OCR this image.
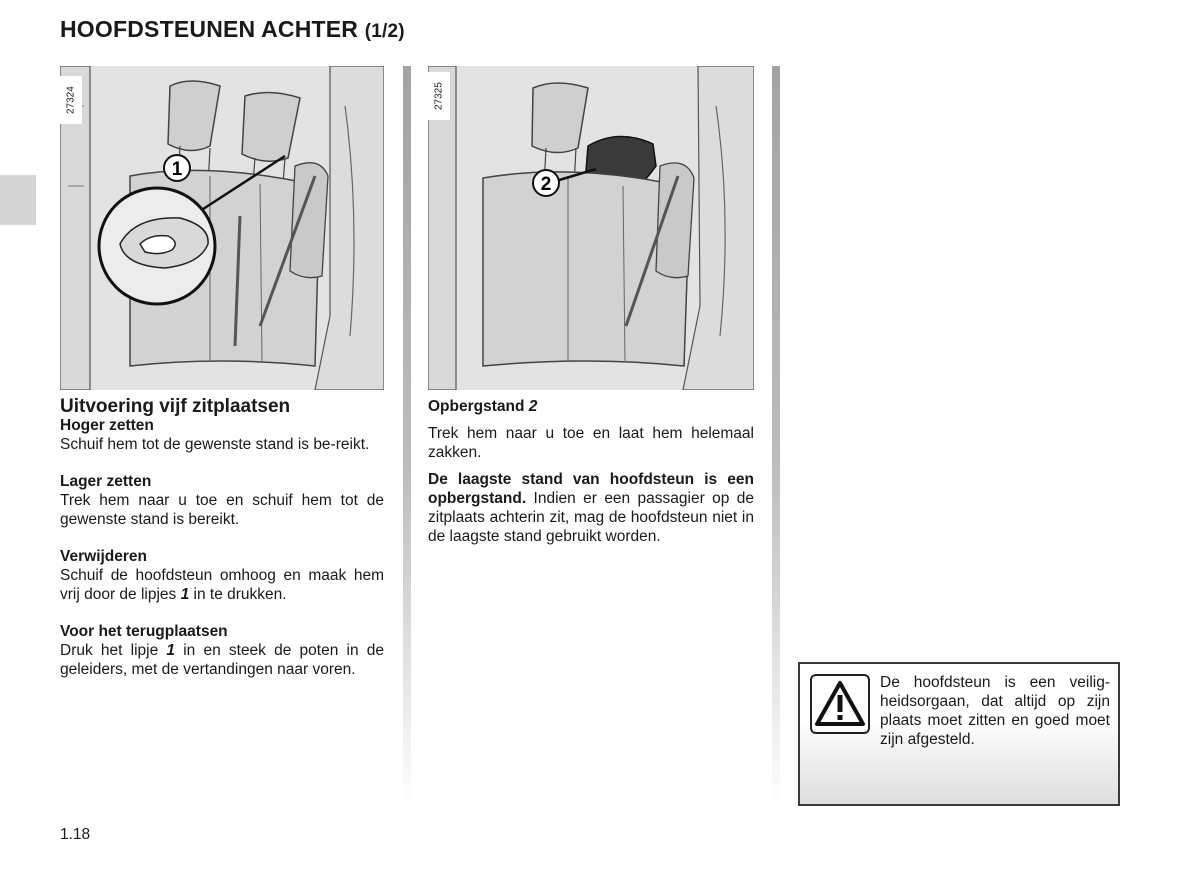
HOOFDSTEUNEN ACHTER (1/2)
1
27324
2
27325

Uitvoering vijf zitplaatsen

Hoger zetten

Schuif hem tot de gewenste stand is be-reikt.

Lager zetten

Trek hem naar u toe en schuif hem tot de gewenste stand is bereikt.

Verwijderen

Schuif de hoofdsteun omhoog en maak hem vrij door de lipjes 1 in te drukken.

Voor het terugplaatsen

Druk het lipje 1 in en steek de poten in de geleiders, met de vertandingen naar voren.

Opbergstand 2

Trek hem naar u toe en laat hem helemaal zakken.

De laagste stand van hoofdsteun is een opbergstand. Indien er een passagier op de zitplaats achterin zit, mag de hoofdsteun niet in de laagste stand gebruikt worden.

De hoofdsteun is een veilig-heidsorgaan, dat altijd op zijn plaats moet zitten en goed moet zijn afgesteld.
1.18
